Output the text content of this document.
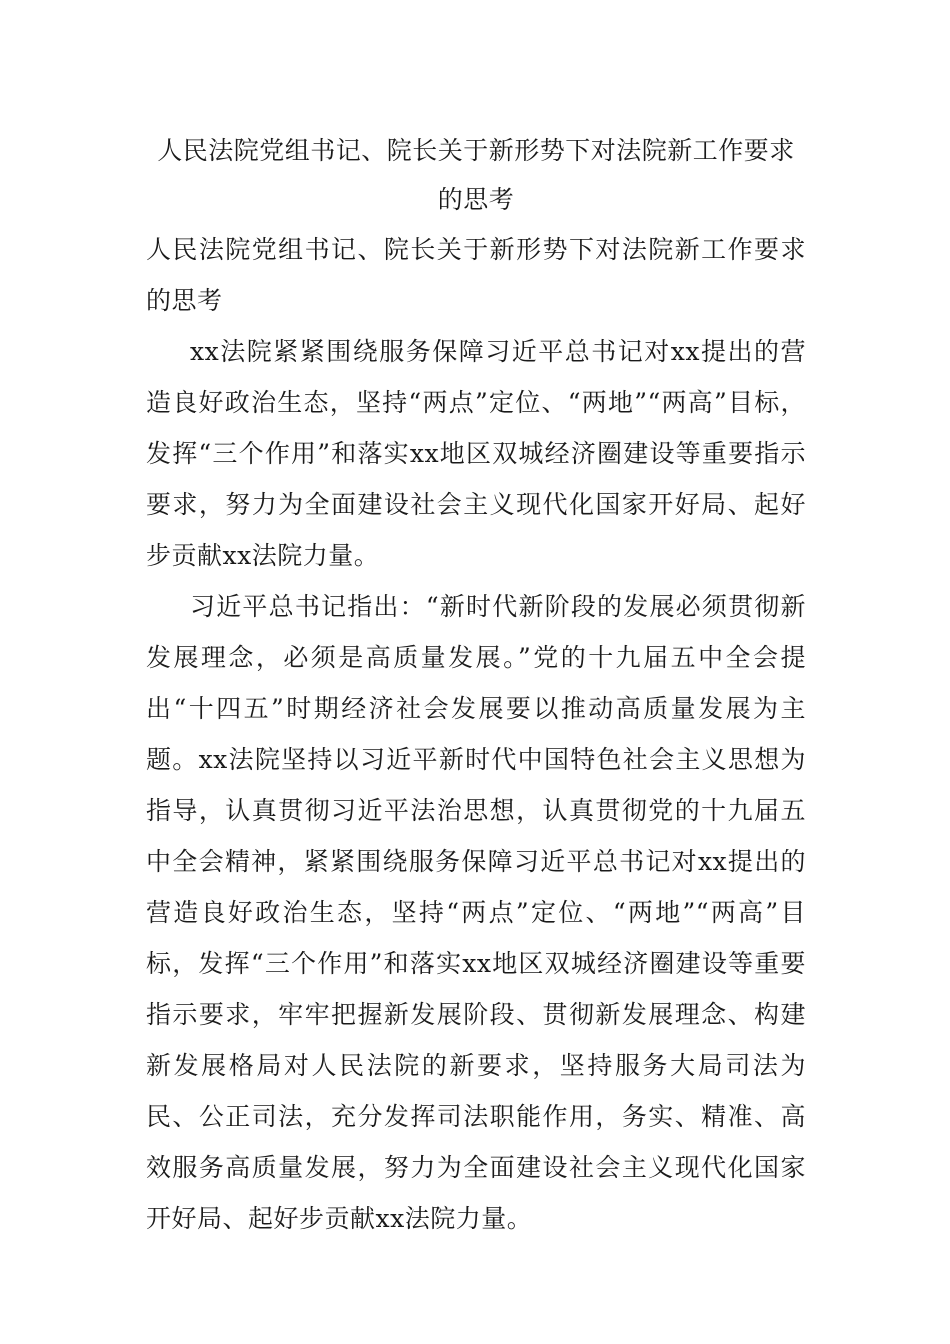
人民法院党组书记、院长关于新形势下对法院新工作要求的思考
人民法院党组书记、院长关于新形势下对法院新工作要求的思考

xx法院紧紧围绕服务保障习近平总书记对xx提出的营造良好政治生态，坚持“两点”定位、“两地”“两高”目标，发挥“三个作用”和落实xx地区双城经济圈建设等重要指示要求，努力为全面建设社会主义现代化国家开好局、起好步贡献xx法院力量。

习近平总书记指出：“新时代新阶段的发展必须贯彻新发展理念，必须是高质量发展。”党的十九届五中全会提出“十四五”时期经济社会发展要以推动高质量发展为主题。xx法院坚持以习近平新时代中国特色社会主义思想为指导，认真贯彻习近平法治思想，认真贯彻党的十九届五中全会精神，紧紧围绕服务保障习近平总书记对xx提出的营造良好政治生态，坚持“两点”定位、“两地”“两高”目标，发挥“三个作用”和落实xx地区双城经济圈建设等重要指示要求，牢牢把握新发展阶段、贯彻新发展理念、构建新发展格局对人民法院的新要求，坚持服务大局司法为民、公正司法，充分发挥司法职能作用，务实、精准、高效服务高质量发展，努力为全面建设社会主义现代化国家开好局、起好步贡献xx法院力量。
